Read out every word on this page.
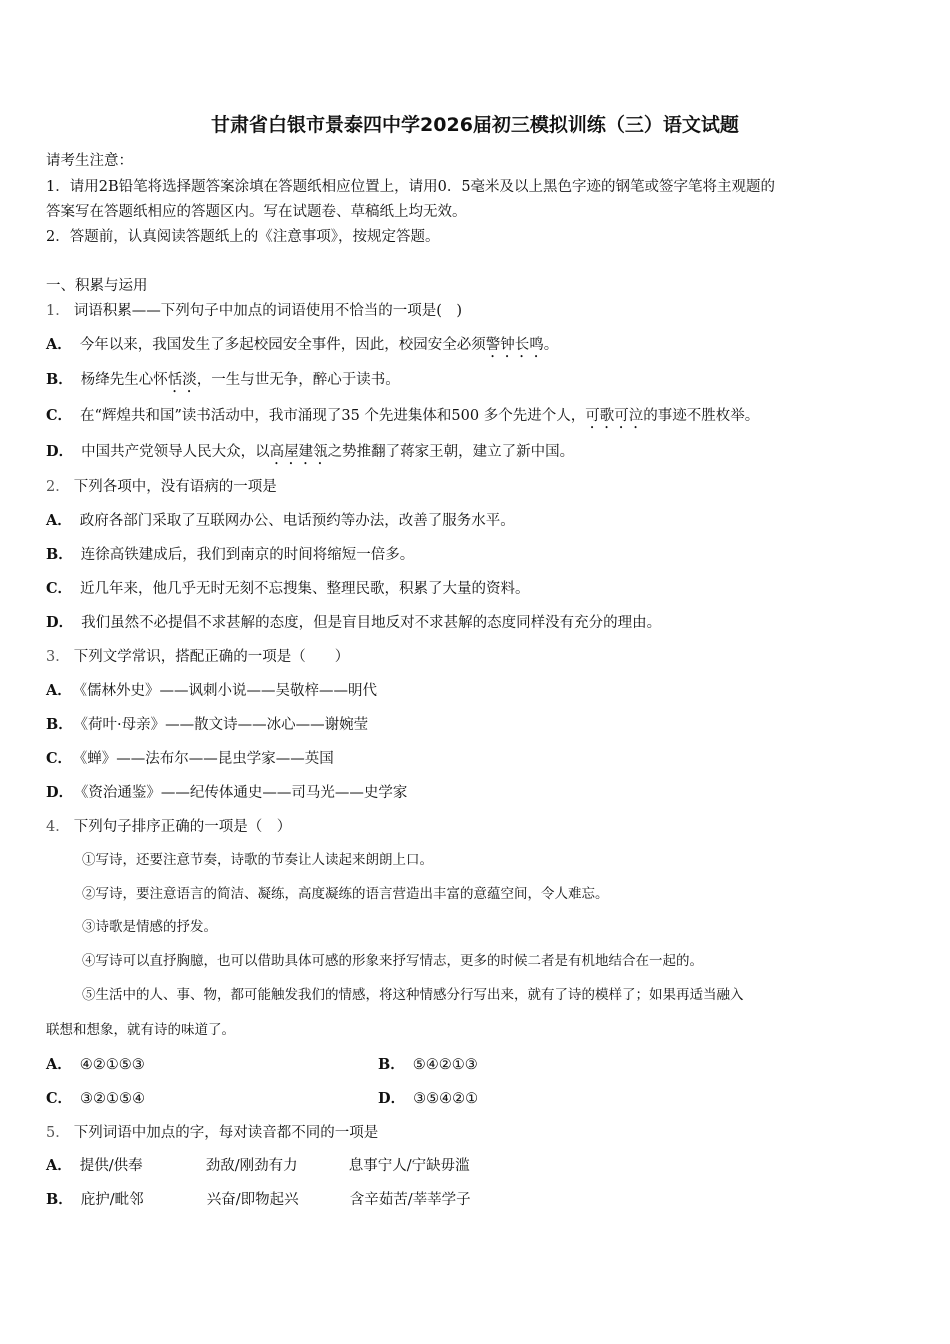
甘肃省白银市景泰四中学2026届初三模拟训练（三）语文试题
请考生注意：
1．请用2B铅笔将选择题答案涂填在答题纸相应位置上，请用0．5毫米及以上黑色字迹的钢笔或签字笔将主观题的
答案写在答题纸相应的答题区内。写在试题卷、草稿纸上均无效。
2．答题前，认真阅读答题纸上的《注意事项》，按规定答题。
一、积累与运用
1． 词语积累——下列句子中加点的词语使用不恰当的一项是(　)
A． 今年以来，我国发生了多起校园安全事件，因此，校园安全必须警钟长鸣。
B． 杨绛先生心怀恬淡，一生与世无争，醉心于读书。
C． 在“辉煌共和国”读书活动中，我市涌现了35 个先进集体和500 多个先进个人，可歌可泣的事迹不胜枚举。
D． 中国共产党领导人民大众，以高屋建瓴之势推翻了蒋家王朝，建立了新中国。
2． 下列各项中，没有语病的一项是
A． 政府各部门采取了互联网办公、电话预约等办法，改善了服务水平。
B． 连徐高铁建成后，我们到南京的时间将缩短一倍多。
C． 近几年来，他几乎无时无刻不忘搜集、整理民歌，积累了大量的资料。
D． 我们虽然不必提倡不求甚解的态度，但是盲目地反对不求甚解的态度同样没有充分的理由。
3． 下列文学常识，搭配正确的一项是（　　）
A． 《儒林外史》——讽刺小说——吴敬梓——明代
B． 《荷叶·母亲》——散文诗——冰心——谢婉莹
C． 《蝉》——法布尔——昆虫学家——英国
D． 《资治通鉴》——纪传体通史——司马光——史学家
4． 下列句子排序正确的一项是（　）
①写诗，还要注意节奏，诗歌的节奏让人读起来朗朗上口。
②写诗，要注意语言的简洁、凝练，高度凝练的语言营造出丰富的意蕴空间，令人难忘。
③诗歌是情感的抒发。
④写诗可以直抒胸臆，也可以借助具体可感的形象来抒写情志，更多的时候二者是有机地结合在一起的。
⑤生活中的人、事、物，都可能触发我们的情感，将这种情感分行写出来，就有了诗的模样了；如果再适当融入
联想和想象，就有诗的味道了。
A． ④②①⑤③	B． ⑤④②①③
C． ③②①⑤④	D． ③⑤④②①
5． 下列词语中加点的字，每对读音都不同的一项是
A． 提供/供奉	劲敌/刚劲有力	息事宁人/宁缺毋滥
B． 庇护/毗邻	兴奋/即物起兴	含辛茹苦/莘莘学子
